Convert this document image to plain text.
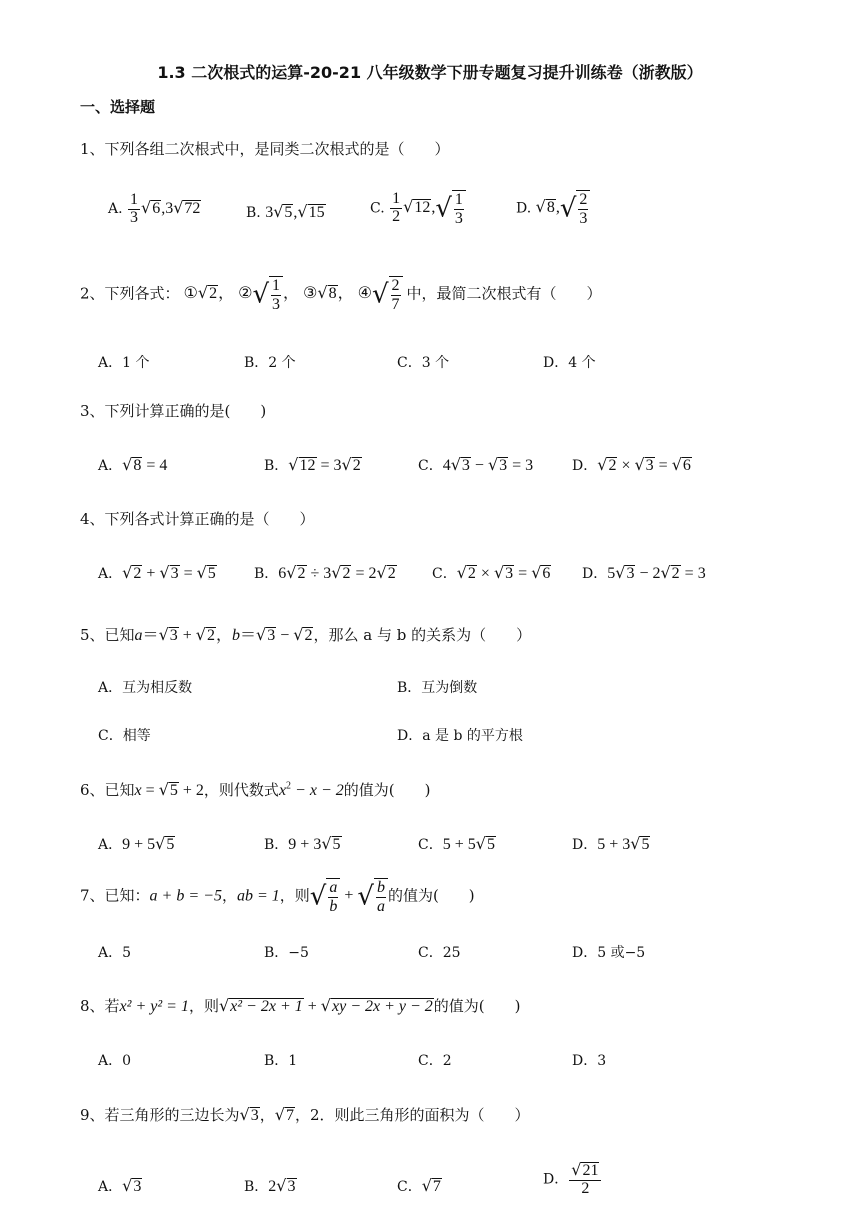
1.3 二次根式的运算-20-21 八年级数学下册专题复习提升训练卷（浙教版）
一、选择题
1、下列各组二次根式中，是同类二次根式的是（　　）
A. $\frac{1}{3} √6,3√72$	B. 3√5,√15	C. $\frac{1}{2} √12,√ \frac{1}{3}$	D. $√8,√ \frac{2}{3}$
2、下列各式： ①√2， ②√ $\frac{1}{3}$ ， ③√8， ④√ $\frac{2}{7}$ 中，最简二次根式有（　　）
A．1 个	B．2 个	C．3 个	D．4 个
3、下列计算正确的是(　　)
A．√8 = 4	B．√12 = 3√2	C．4√3 − √3 = 3	D．√2 × √3 = √6
4、下列各式计算正确的是（　　）
A．√2 + √3 = √5	B．6√2 ÷ 3√2 = 2√2	C．√2 × √3 = √6 D．5√3 − 2√2 = 3
5、已知a＝√3 + √2，b＝√3 − √2，那么 a 与 b 的关系为（　　）
A．互为相反数	B．互为倒数
C．相等	D．a 是 b 的平方根
6、已知x = √5 + 2，则代数式$x^2 - x - 2$的值为(　　)
A．9 + 5√5	B．9 + 3√5	C．5 + 5√5	D．5 + 3√5
7、已知：a + b = −5，ab = 1，则√ $\frac{a}{b}$ + √ $\frac{b}{a}$ 的值为(　　)
A．5	B．−5	C．25	D．5 或−5
8、若x² + y² = 1，则√x² − 2x + 1 + √xy − 2x + y − 2的值为(　　)
A．0	B．1	C．2	D．3
9、若三角形的三边长为√3，√7，2．则此三角形的面积为（　　）
A．√3	B．2√3	C．√7	D． $\frac{√21}{2}$
